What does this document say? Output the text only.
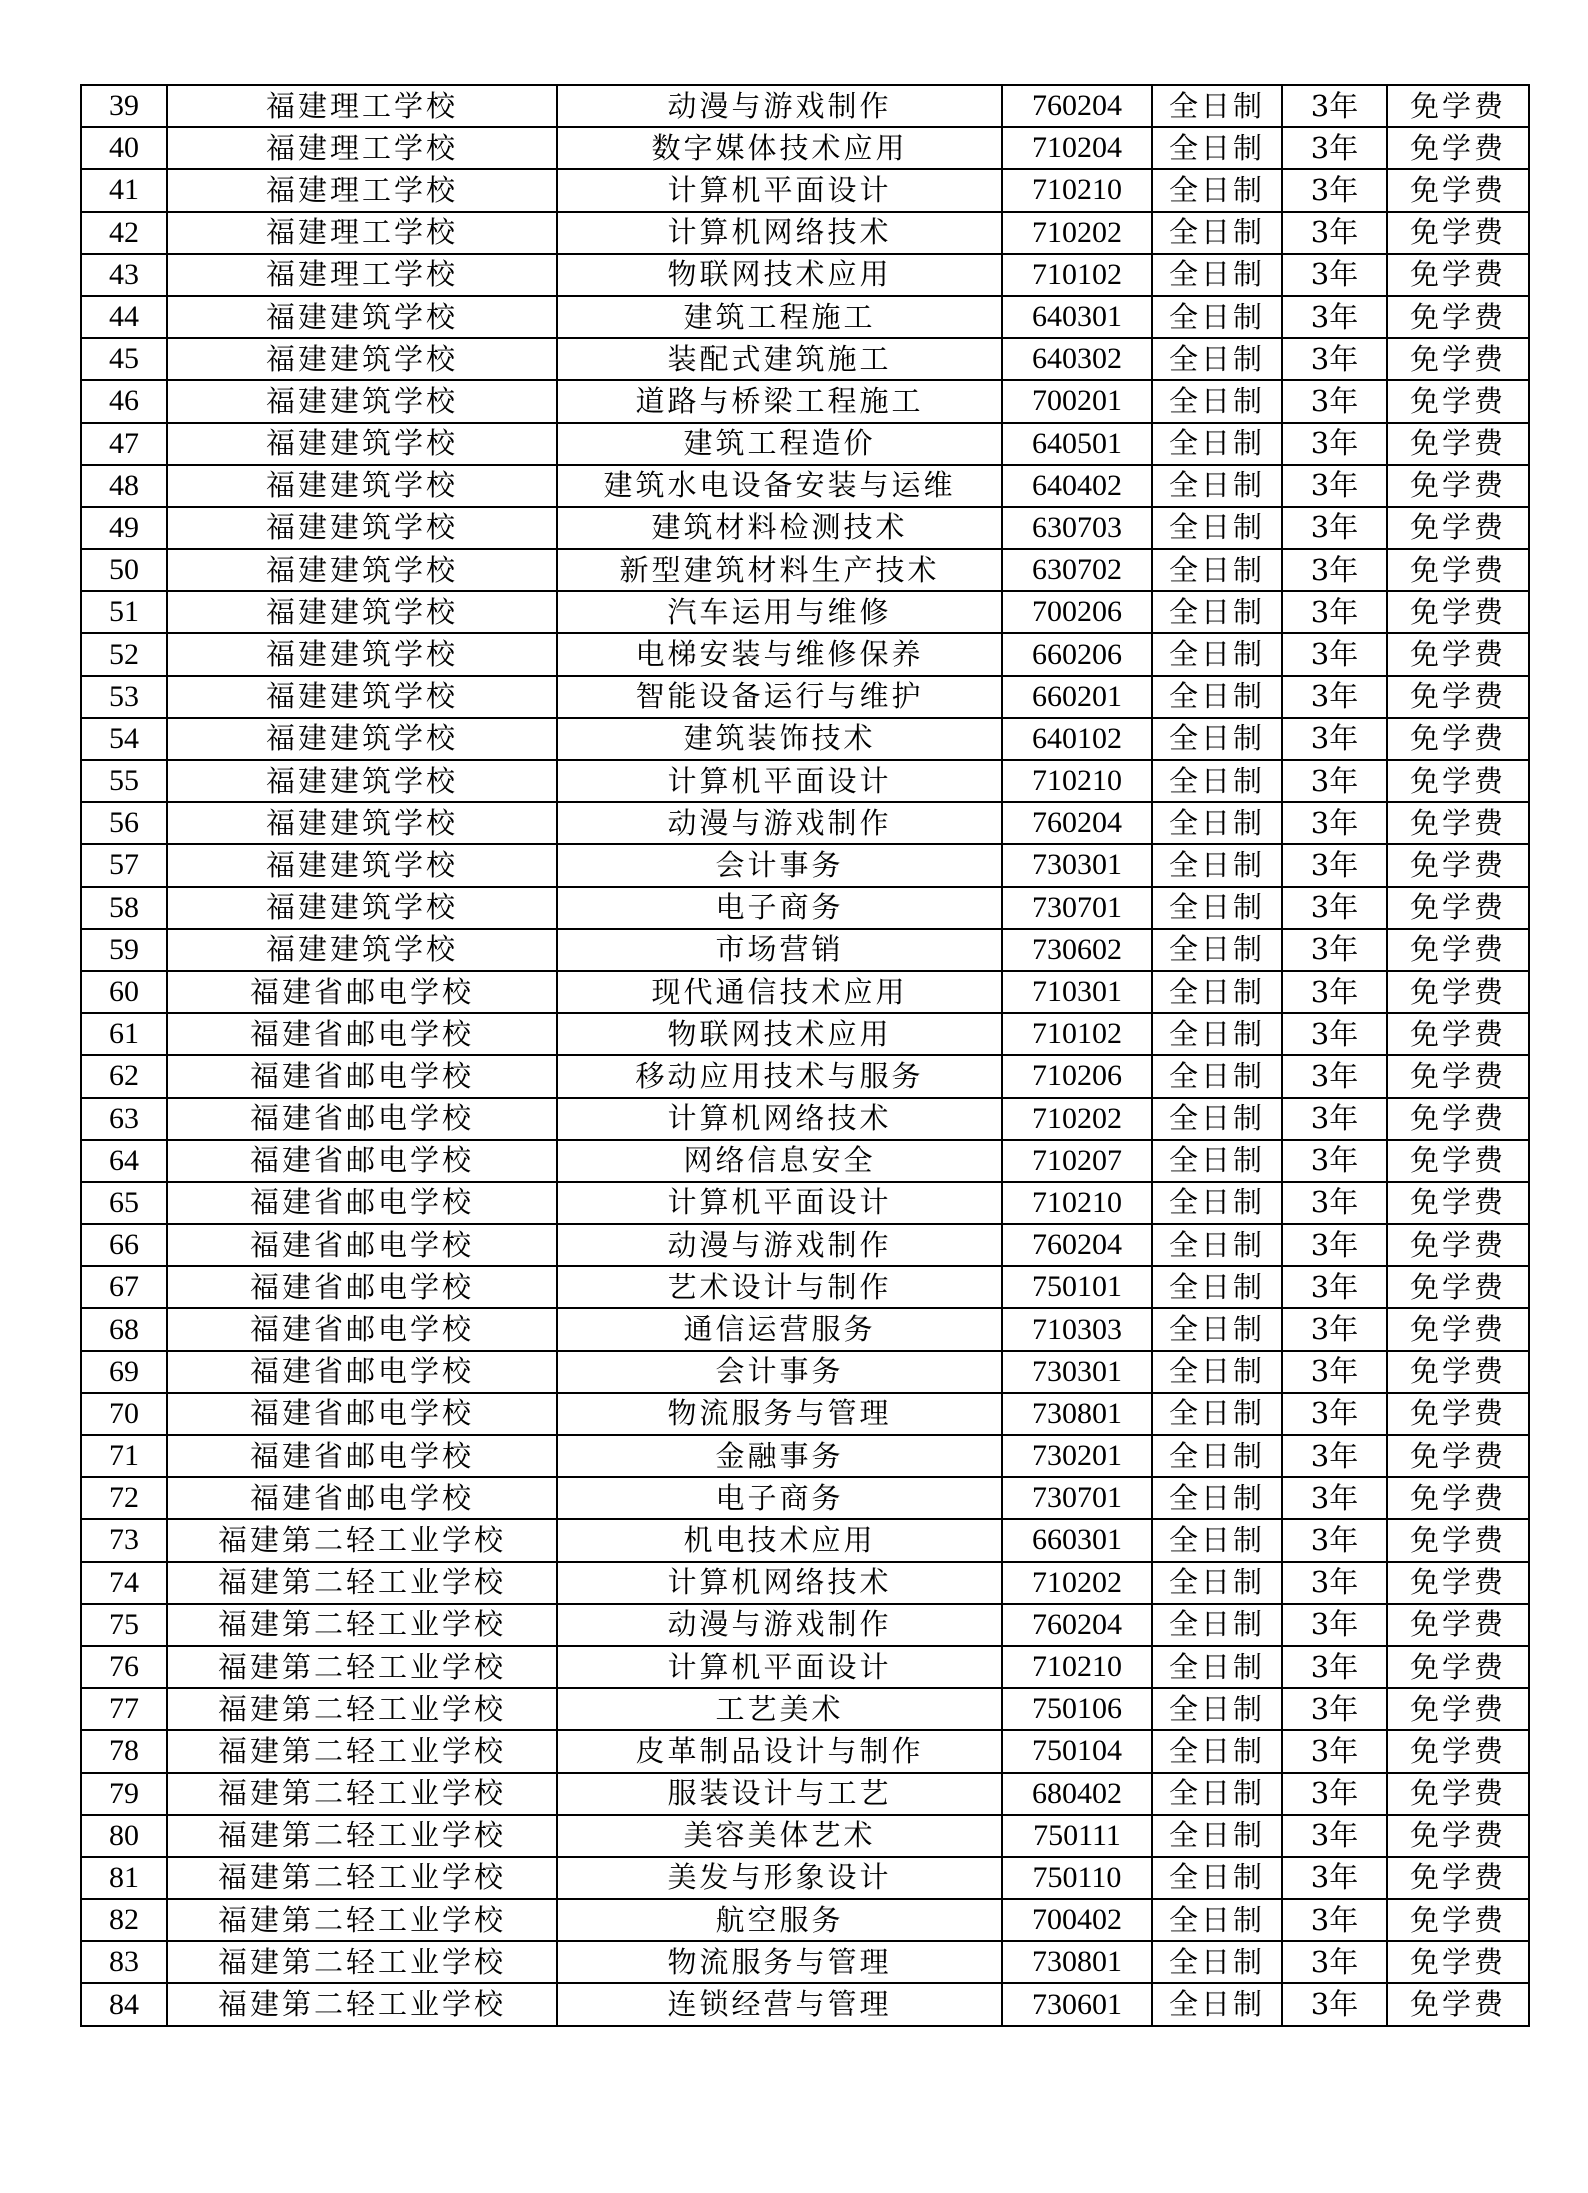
39	福建理工学校	动漫与游戏制作	760204	全日制	3年	免学费
40	福建理工学校	数字媒体技术应用	710204	全日制	3年	免学费
41	福建理工学校	计算机平面设计	710210	全日制	3年	免学费
42	福建理工学校	计算机网络技术	710202	全日制	3年	免学费
43	福建理工学校	物联网技术应用	710102	全日制	3年	免学费
44	福建建筑学校	建筑工程施工	640301	全日制	3年	免学费
45	福建建筑学校	装配式建筑施工	640302	全日制	3年	免学费
46	福建建筑学校	道路与桥梁工程施工	700201	全日制	3年	免学费
47	福建建筑学校	建筑工程造价	640501	全日制	3年	免学费
48	福建建筑学校	建筑水电设备安装与运维	640402	全日制	3年	免学费
49	福建建筑学校	建筑材料检测技术	630703	全日制	3年	免学费
50	福建建筑学校	新型建筑材料生产技术	630702	全日制	3年	免学费
51	福建建筑学校	汽车运用与维修	700206	全日制	3年	免学费
52	福建建筑学校	电梯安装与维修保养	660206	全日制	3年	免学费
53	福建建筑学校	智能设备运行与维护	660201	全日制	3年	免学费
54	福建建筑学校	建筑装饰技术	640102	全日制	3年	免学费
55	福建建筑学校	计算机平面设计	710210	全日制	3年	免学费
56	福建建筑学校	动漫与游戏制作	760204	全日制	3年	免学费
57	福建建筑学校	会计事务	730301	全日制	3年	免学费
58	福建建筑学校	电子商务	730701	全日制	3年	免学费
59	福建建筑学校	市场营销	730602	全日制	3年	免学费
60	福建省邮电学校	现代通信技术应用	710301	全日制	3年	免学费
61	福建省邮电学校	物联网技术应用	710102	全日制	3年	免学费
62	福建省邮电学校	移动应用技术与服务	710206	全日制	3年	免学费
63	福建省邮电学校	计算机网络技术	710202	全日制	3年	免学费
64	福建省邮电学校	网络信息安全	710207	全日制	3年	免学费
65	福建省邮电学校	计算机平面设计	710210	全日制	3年	免学费
66	福建省邮电学校	动漫与游戏制作	760204	全日制	3年	免学费
67	福建省邮电学校	艺术设计与制作	750101	全日制	3年	免学费
68	福建省邮电学校	通信运营服务	710303	全日制	3年	免学费
69	福建省邮电学校	会计事务	730301	全日制	3年	免学费
70	福建省邮电学校	物流服务与管理	730801	全日制	3年	免学费
71	福建省邮电学校	金融事务	730201	全日制	3年	免学费
72	福建省邮电学校	电子商务	730701	全日制	3年	免学费
73	福建第二轻工业学校	机电技术应用	660301	全日制	3年	免学费
74	福建第二轻工业学校	计算机网络技术	710202	全日制	3年	免学费
75	福建第二轻工业学校	动漫与游戏制作	760204	全日制	3年	免学费
76	福建第二轻工业学校	计算机平面设计	710210	全日制	3年	免学费
77	福建第二轻工业学校	工艺美术	750106	全日制	3年	免学费
78	福建第二轻工业学校	皮革制品设计与制作	750104	全日制	3年	免学费
79	福建第二轻工业学校	服装设计与工艺	680402	全日制	3年	免学费
80	福建第二轻工业学校	美容美体艺术	750111	全日制	3年	免学费
81	福建第二轻工业学校	美发与形象设计	750110	全日制	3年	免学费
82	福建第二轻工业学校	航空服务	700402	全日制	3年	免学费
83	福建第二轻工业学校	物流服务与管理	730801	全日制	3年	免学费
84	福建第二轻工业学校	连锁经营与管理	730601	全日制	3年	免学费
